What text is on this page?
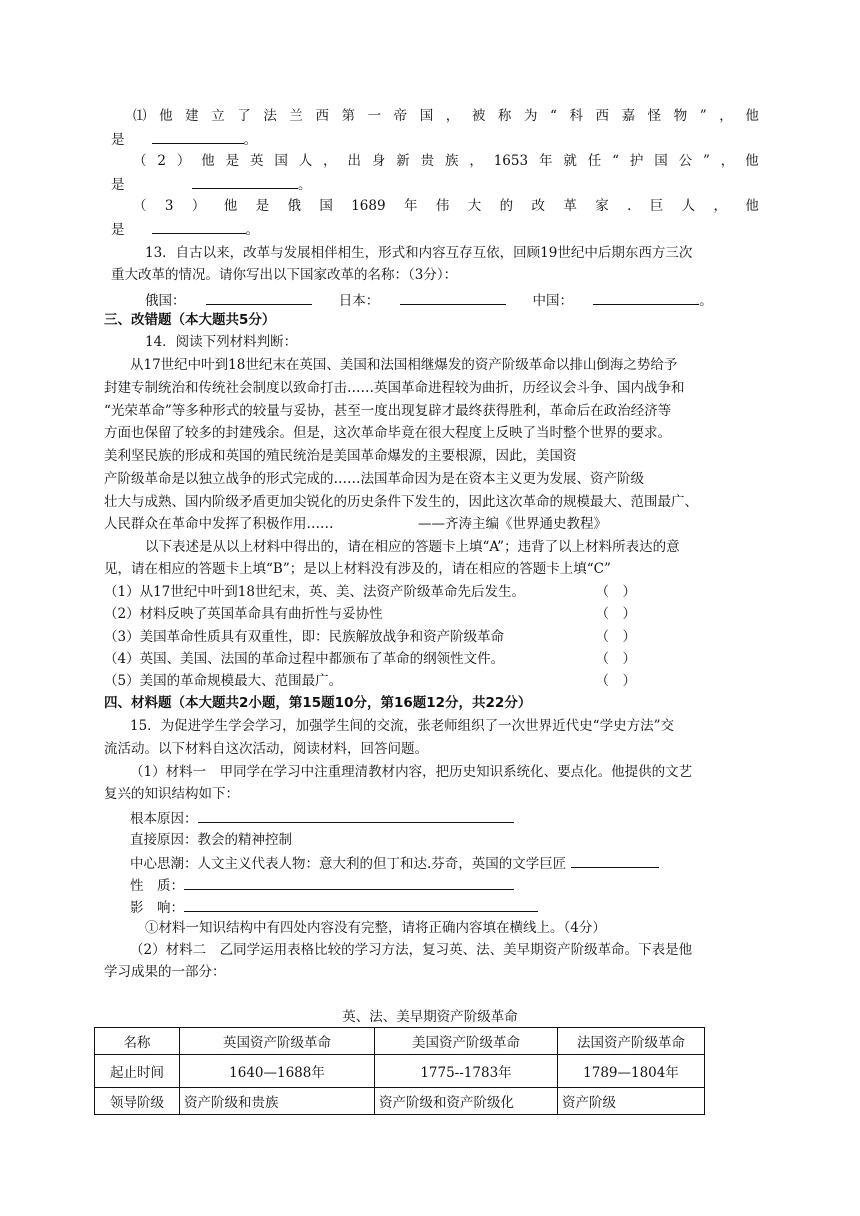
⑴ 他 建 立 了 法 兰 西 第 一 帝 国 ， 被 称 为 “ 科 西 嘉 怪 物 ” ， 他
是　　	。
（ 2 ） 他 是 英 国 人 ， 出 身 新 贵 族 ， 1653 年 就 任 “ 护 国 公 ” ， 他
是　　　　　	。
（ 3 ） 他 是 俄 国 1689 年 伟 大 的 改 革 家 . 巨 人 ， 他
是　　	。
13．自古以来，改革与发展相伴相生，形式和内容互存互依，回顾19世纪中后期东西方三次
重大改革的情况。请你写出以下国家改革的名称：（3分）：
俄国：　　　　	日本：　　　　	中国：　　	。
三、改错题（本大题共5分）
14．阅读下列材料判断：
从17世纪中叶到18世纪末在英国、美国和法国相继爆发的资产阶级革命以排山倒海之势给予
封建专制统治和传统社会制度以致命打击……英国革命进程较为曲折，历经议会斗争、国内战争和
“光荣革命”等多种形式的较量与妥协，甚至一度出现复辟才最终获得胜利，革命后在政治经济等
方面也保留了较多的封建残余。但是，这次革命毕竟在很大程度上反映了当时整个世界的要求。
美利坚民族的形成和英国的殖民统治是美国革命爆发的主要根源，因此，美国资
产阶级革命是以独立战争的形式完成的……法国革命因为是在资本主义更为发展、资产阶级
壮大与成熟、国内阶级矛盾更加尖锐化的历史条件下发生的，因此这次革命的规模最大、范围最广、
人民群众在革命中发挥了积极作用……	——齐涛主编《世界通史教程》
以下表述是从以上材料中得出的，请在相应的答题卡上填“A”；违背了以上材料所表达的意
见，请在相应的答题卡上填“B”；是以上材料没有涉及的，请在相应的答题卡上填“C”
（1）从17世纪中叶到18世纪末，英、美、法资产阶级革命先后发生。	（　）
（2）材料反映了英国革命具有曲折性与妥协性	（　）
（3）美国革命性质具有双重性，即：民族解放战争和资产阶级革命	（　）
（4）英国、美国、法国的革命过程中都颁布了革命的纲领性文件。	（　）
（5）美国的革命规模最大、范围最广。	（　）
四、材料题（本大题共2小题，第15题10分，第16题12分，共22分）
15．为促进学生学会学习，加强学生间的交流，张老师组织了一次世界近代史“学史方法”交
流活动。以下材料自这次活动，阅读材料，回答问题。
（1）材料一　甲同学在学习中注重理清教材内容，把历史知识系统化、要点化。他提供的文艺
复兴的知识结构如下：
根本原因：
直接原因：教会的精神控制
中心思潮：人文主义代表人物：意大利的但丁和达.芬奇，英国的文学巨匠
性　质：
影　响：
①材料一知识结构中有四处内容没有完整，请将正确内容填在横线上。（4分）
（2）材料二　乙同学运用表格比较的学习方法，复习英、法、美早期资产阶级革命。下表是他
学习成果的一部分：
英、法、美早期资产阶级革命
名称	英国资产阶级革命	美国资产阶级革命	法国资产阶级革命
起止时间	1640—1688年	1775--1783年	1789—1804年
领导阶级	资产阶级和贵族	资产阶级和资产阶级化	资产阶级
